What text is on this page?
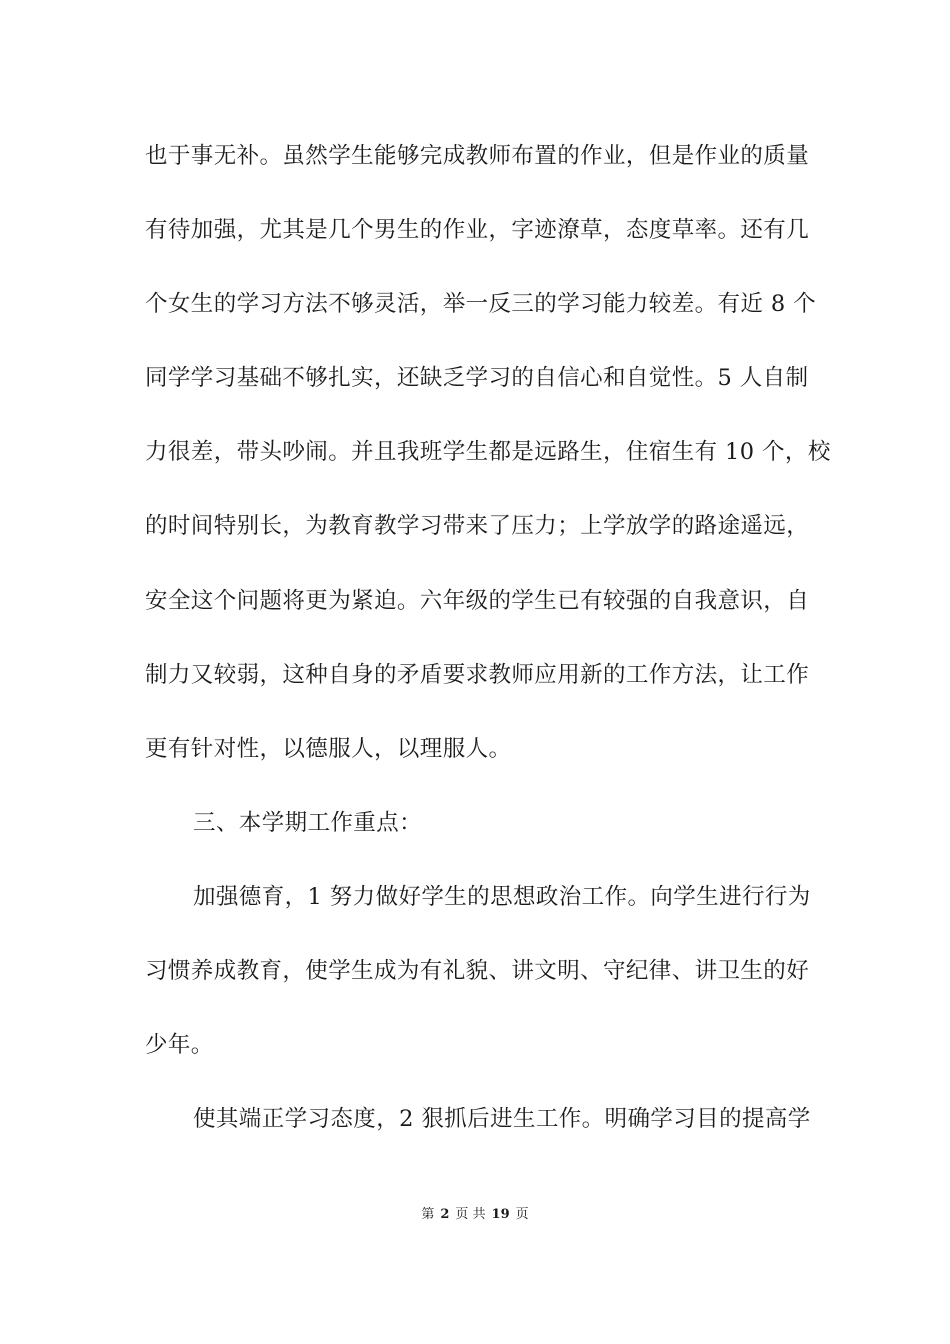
也于事无补。虽然学生能够完成教师布置的作业，但是作业的质量
有待加强，尤其是几个男生的作业，字迹潦草，态度草率。还有几
个女生的学习方法不够灵活，举一反三的学习能力较差。有近 8 个
同学学习基础不够扎实，还缺乏学习的自信心和自觉性。5 人自制
力很差，带头吵闹。并且我班学生都是远路生，住宿生有 10 个，校
的时间特别长，为教育教学习带来了压力；上学放学的路途遥远，
安全这个问题将更为紧迫。六年级的学生已有较强的自我意识，自
制力又较弱，这种自身的矛盾要求教师应用新的工作方法，让工作
更有针对性，以德服人，以理服人。
三、本学期工作重点：
加强德育，1 努力做好学生的思想政治工作。向学生进行行为
习惯养成教育，使学生成为有礼貌、讲文明、守纪律、讲卫生的好
少年。
使其端正学习态度，2 狠抓后进生工作。明确学习目的提高学
第 2 页 共 19 页
